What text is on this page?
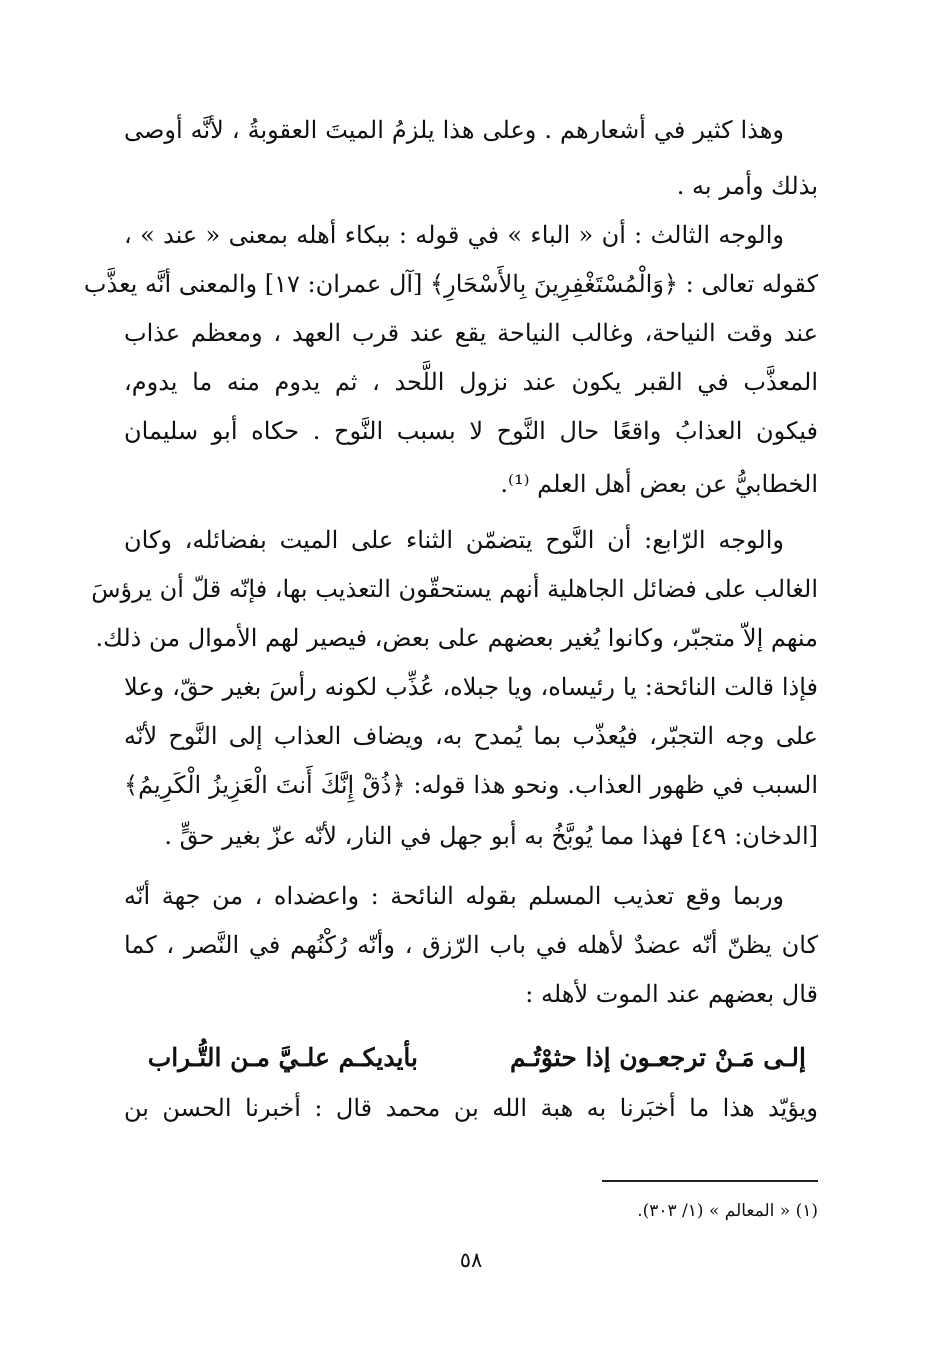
وهذا كثير في أشعارهم . وعلى هذا يلزمُ الميتَ العقوبةُ ، لأنَّه أوصى
بذلك وأمر به .
والوجه الثالث : أن « الباء » في قوله : ببكاء أهله بمعنى « عند » ،
كقوله تعالى : ﴿وَالْمُسْتَغْفِرِينَ بِالأَسْحَارِ﴾ [آل عمران: ١٧] والمعنى أنَّه يعذَّب
عند وقت النياحة، وغالب النياحة يقع عند قرب العهد ، ومعظم عذاب
المعذَّب في القبر يكون عند نزول اللَّحد ، ثم يدوم منه ما يدوم،
فيكون العذابُ واقعًا حال النَّوح لا بسبب النَّوح . حكاه أبو سليمان
الخطابيُّ عن بعض أهل العلم ⁽¹⁾.
والوجه الرّابع: أن النَّوح يتضمّن الثناء على الميت بفضائله، وكان
الغالب على فضائل الجاهلية أنهم يستحقّون التعذيب بها، فإنّه قلّ أن يرؤسَ
منهم إلاّ متجبّر، وكانوا يُغير بعضهم على بعض، فيصير لهم الأموال من ذلك.
فإذا قالت النائحة: يا رئيساه، ويا جبلاه، عُذِّب لكونه رأسَ بغير حقّ، وعلا
على وجه التجبّر، فيُعذّب بما يُمدح به، ويضاف العذاب إلى النَّوح لأنّه
السبب في ظهور العذاب. ونحو هذا قوله: ﴿ذُقْ إِنَّكَ أَنتَ الْعَزِيزُ الْكَرِيمُ﴾
[الدخان: ٤٩] فهذا مما يُوبَّخُ به أبو جهل في النار، لأنّه عزّ بغير حقٍّ .
وربما وقع تعذيب المسلم بقوله النائحة : واعضداه ، من جهة أنّه
كان يظنّ أنّه عضدٌ لأهله في باب الرّزق ، وأنّه رُكْنُهم في النَّصر ، كما
قال بعضهم عند الموت لأهله :
إلـى مَـنْ ترجعـون إذا حثوْتُـم
بأيديكـم علـيَّ مـن التُّـراب
ويؤيّد هذا ما أخبَرنا به هبة الله بن محمد قال : أخبرنا الحسن بن
(١) « المعالم » (١/ ٣٠٣).
٥٨
